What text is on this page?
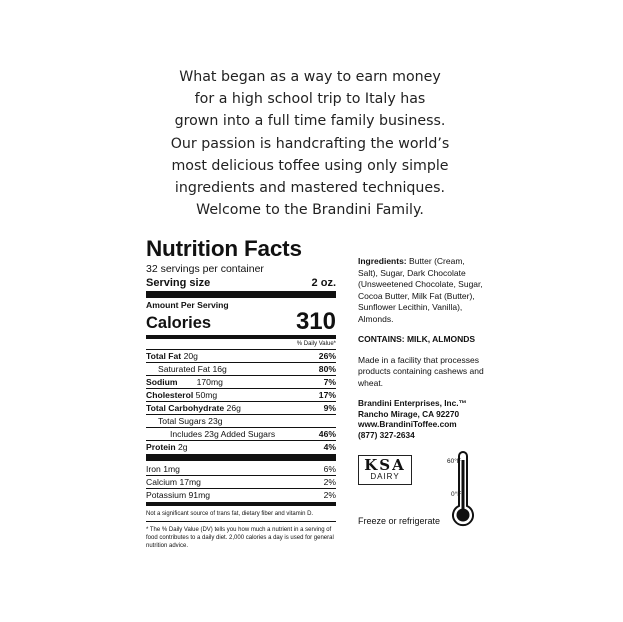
What began as a way to earn money
for a high school trip to Italy has
grown into a full time family business.
Our passion is handcrafting the world’s
most delicious toffee using only simple
ingredients and mastered techniques.
Welcome to the Brandini Family.
Nutrition Facts
32 servings per container
Serving size	2 oz.
Amount Per Serving
Calories	310
% Daily Value*
Total Fat 20g	26%
Saturated Fat 16g	80%
Sodium 170mg	7%
Cholesterol 50mg	17%
Total Carbohydrate 26g	9%
Total Sugars 23g
Includes 23g Added Sugars	46%
Protein 2g	4%
Iron 1mg	6%
Calcium 17mg	2%
Potassium 91mg	2%
Not a significant source of trans fat, dietary fiber and vitamin D.
* The % Daily Value (DV) tells you how much a nutrient in a serving of food contributes to a daily diet. 2,000 calories a day is used for general nutrition advice.

Ingredients: Butter (Cream, Salt), Sugar, Dark Chocolate (Unsweetened Chocolate, Sugar, Cocoa Butter, Milk Fat (Butter), Sunflower Lecithin, Vanilla), Almonds.

CONTAINS: MILK, ALMONDS

Made in a facility that processes products containing cashews and wheat.

Brandini Enterprises, Inc.™
Rancho Mirage, CA 92270
www.BrandiniToffee.com
(877) 327-2634
KSA
DAIRY
60°F
0°F
Freeze or refrigerate
